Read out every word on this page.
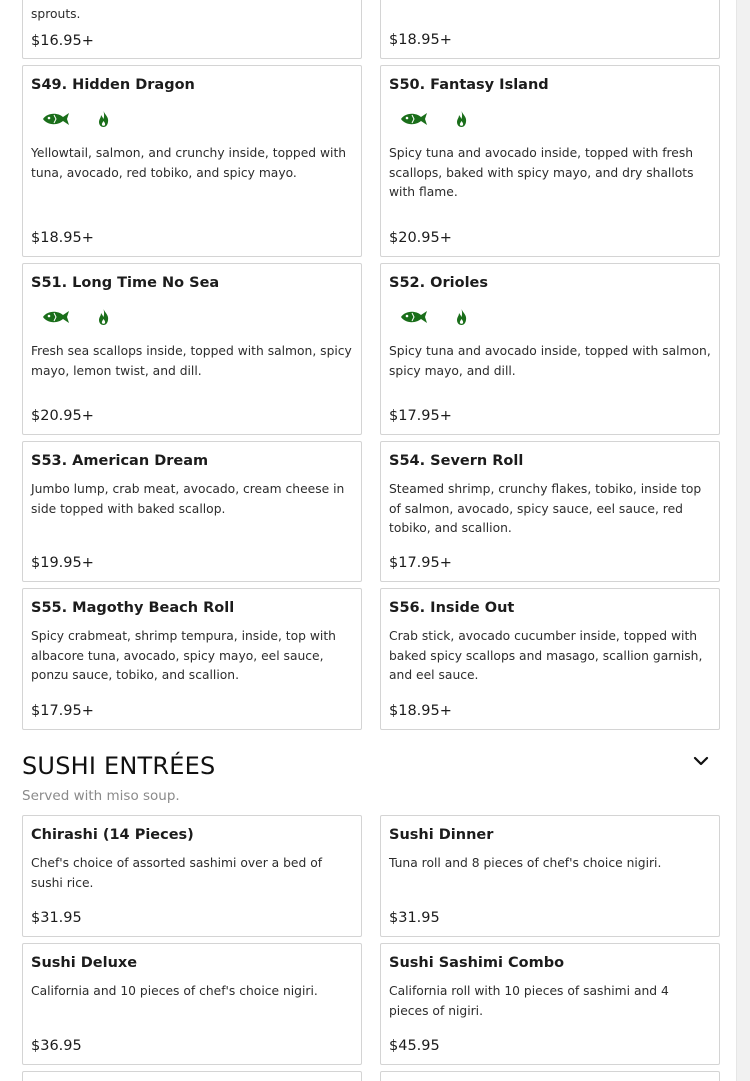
sprouts.
$16.95+	$18.95+
S49. Hidden Dragon
Yellowtail, salmon, and crunchy inside, topped with tuna, avocado, red tobiko, and spicy mayo.
$18.95+
S50. Fantasy Island
Spicy tuna and avocado inside, topped with fresh scallops, baked with spicy mayo, and dry shallots with flame.
$20.95+
S51. Long Time No Sea
Fresh sea scallops inside, topped with salmon, spicy mayo, lemon twist, and dill.
$20.95+
S52. Orioles
Spicy tuna and avocado inside, topped with salmon, spicy mayo, and dill.
$17.95+
S53. American Dream
Jumbo lump, crab meat, avocado, cream cheese in side topped with baked scallop.
$19.95+
S54. Severn Roll
Steamed shrimp, crunchy flakes, tobiko, inside top of salmon, avocado, spicy sauce, eel sauce, red tobiko, and scallion.
$17.95+
S55. Magothy Beach Roll
Spicy crabmeat, shrimp tempura, inside, top with albacore tuna, avocado, spicy mayo, eel sauce, ponzu sauce, tobiko, and scallion.
$17.95+
S56. Inside Out
Crab stick, avocado cucumber inside, topped with baked spicy scallops and masago, scallion garnish, and eel sauce.
$18.95+
SUSHI ENTRÉES
Served with miso soup.
Chirashi (14 Pieces)
Chef's choice of assorted sashimi over a bed of sushi rice.
$31.95
Sushi Dinner
Tuna roll and 8 pieces of chef's choice nigiri.
$31.95
Sushi Deluxe
California and 10 pieces of chef's choice nigiri.
$36.95
Sushi Sashimi Combo
California roll with 10 pieces of sashimi and 4 pieces of nigiri.
$45.95
